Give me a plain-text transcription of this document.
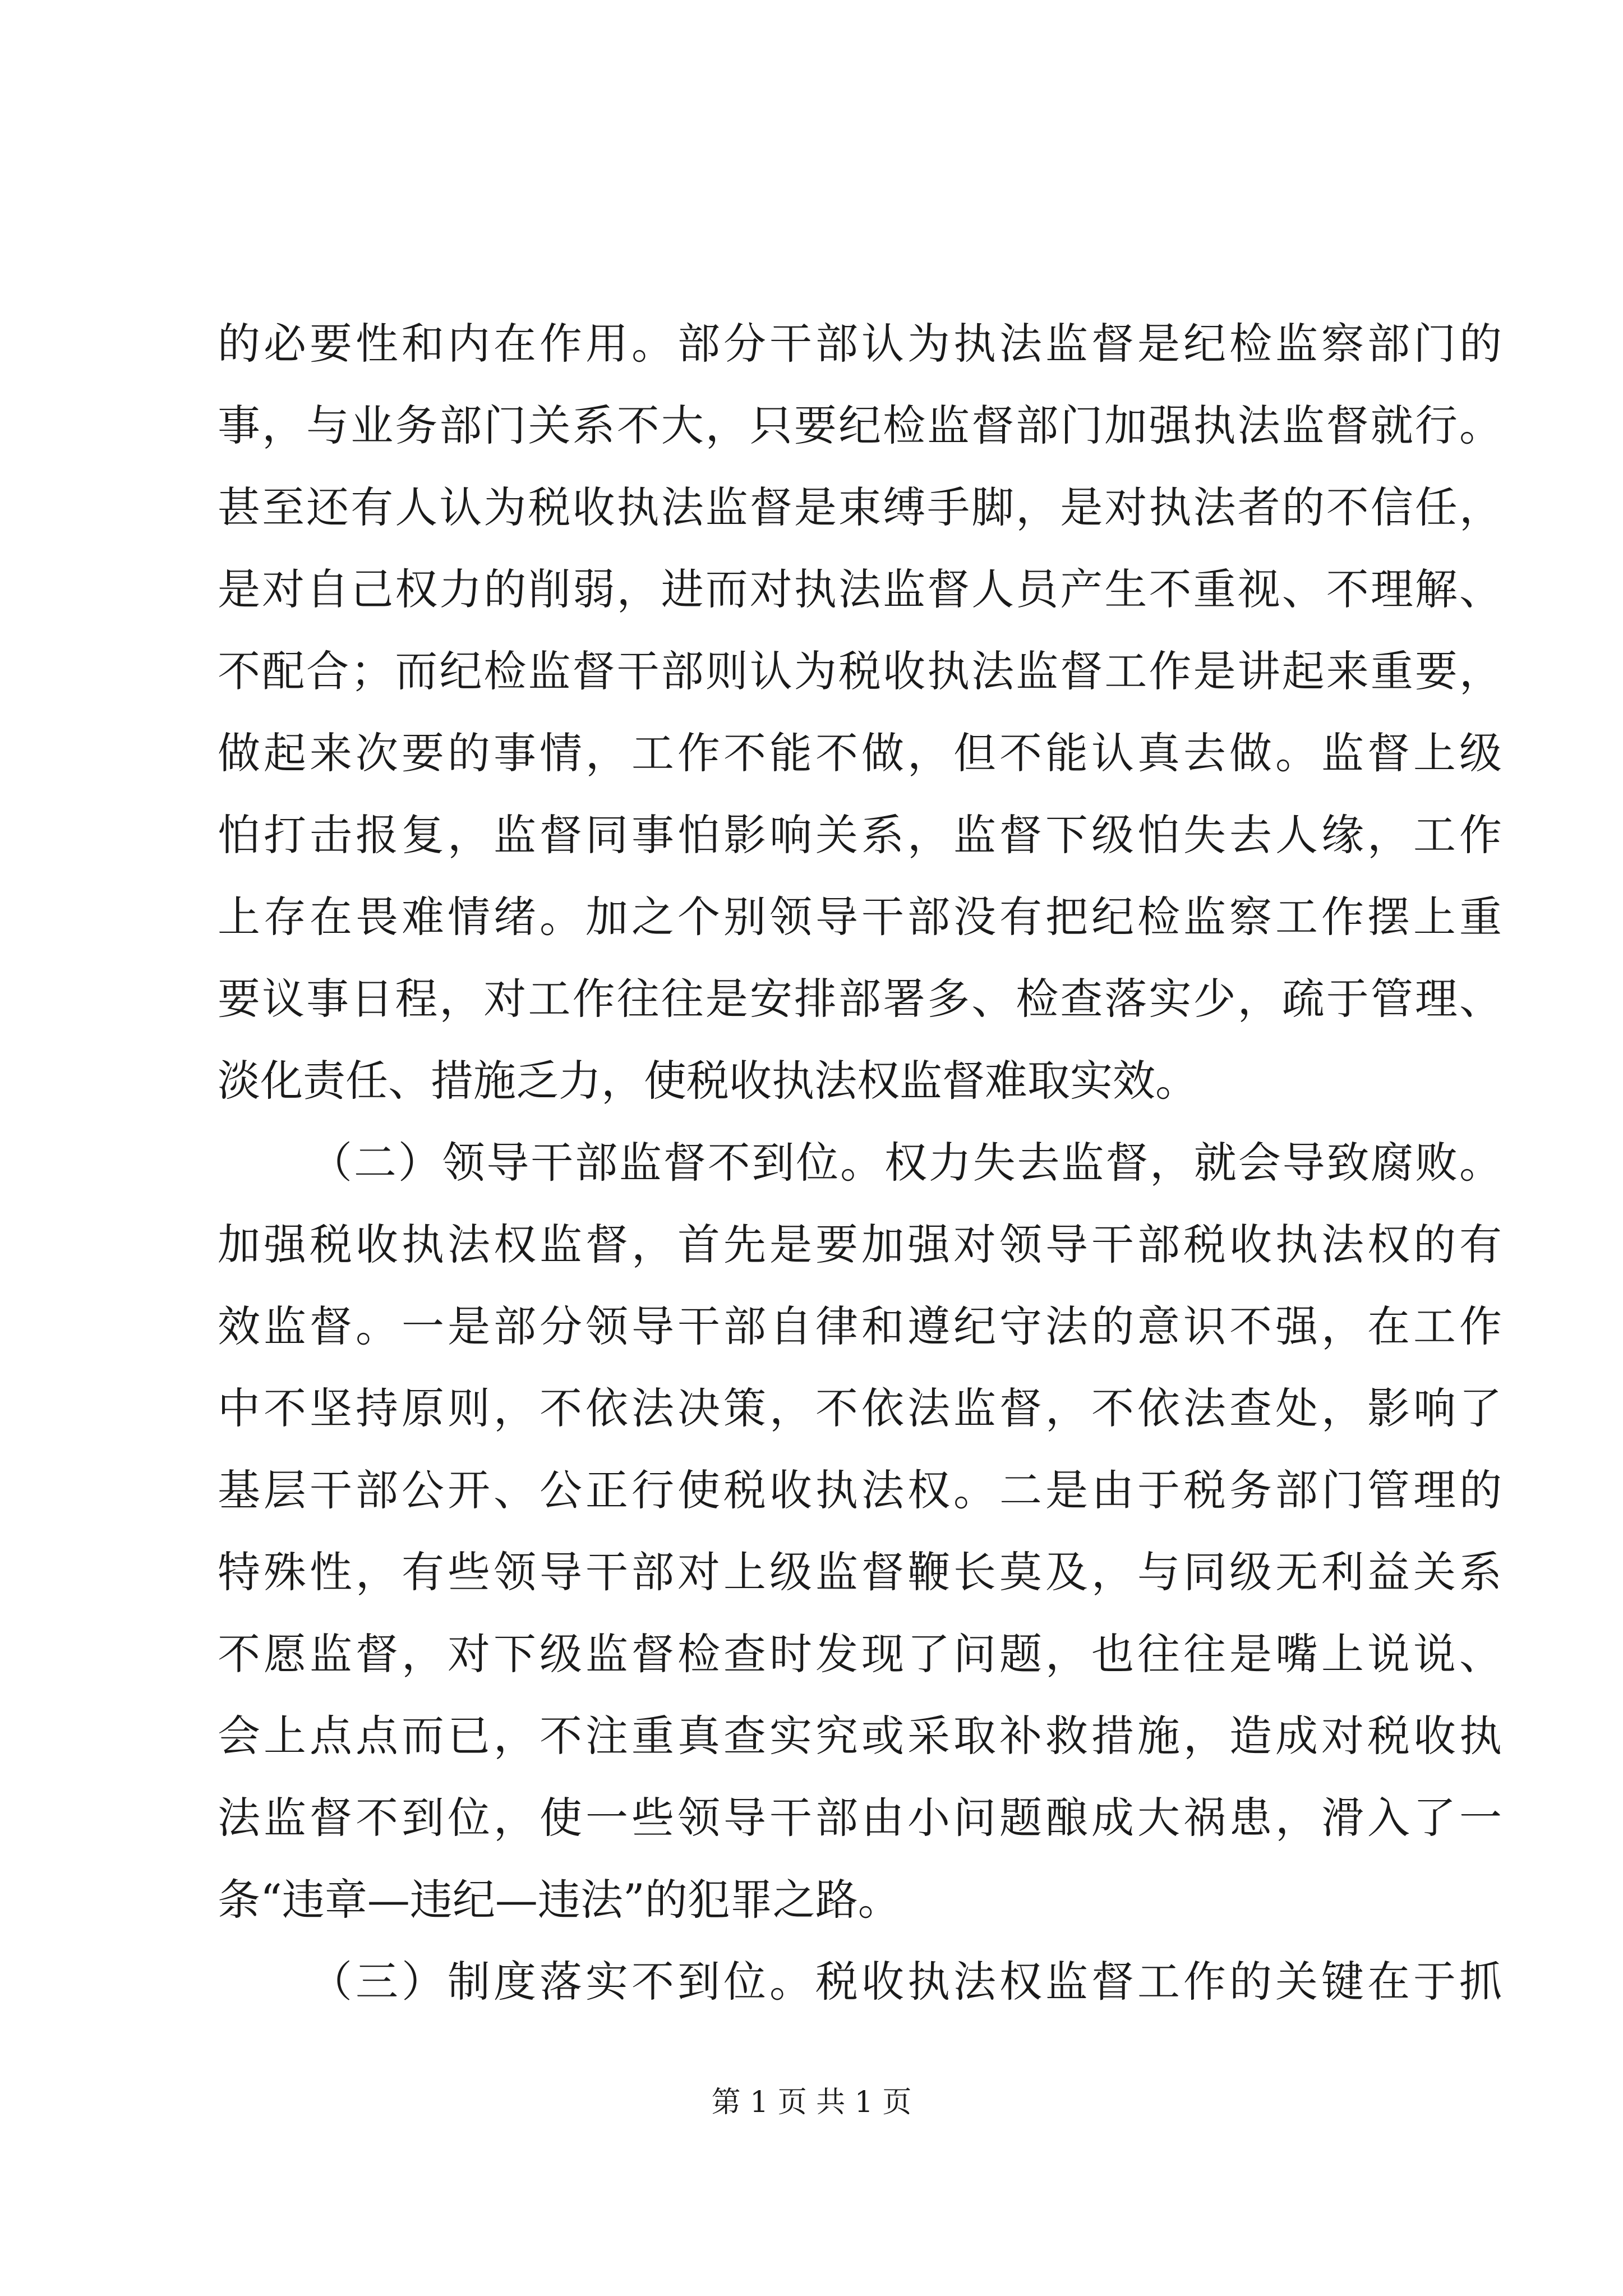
的必要性和内在作用。部分干部认为执法监督是纪检监察部门的
事，与业务部门关系不大，只要纪检监督部门加强执法监督就行。
甚至还有人认为税收执法监督是束缚手脚，是对执法者的不信任，
是对自己权力的削弱，进而对执法监督人员产生不重视、不理解、
不配合；而纪检监督干部则认为税收执法监督工作是讲起来重要，
做起来次要的事情，工作不能不做，但不能认真去做。监督上级
怕打击报复，监督同事怕影响关系，监督下级怕失去人缘，工作
上存在畏难情绪。加之个别领导干部没有把纪检监察工作摆上重
要议事日程，对工作往往是安排部署多、检查落实少，疏于管理、
淡化责任、措施乏力，使税收执法权监督难取实效。
（二）领导干部监督不到位。权力失去监督，就会导致腐败。
加强税收执法权监督，首先是要加强对领导干部税收执法权的有
效监督。一是部分领导干部自律和遵纪守法的意识不强，在工作
中不坚持原则，不依法决策，不依法监督，不依法查处，影响了
基层干部公开、公正行使税收执法权。二是由于税务部门管理的
特殊性，有些领导干部对上级监督鞭长莫及，与同级无利益关系
不愿监督，对下级监督检查时发现了问题，也往往是嘴上说说、
会上点点而已，不注重真查实究或采取补救措施，造成对税收执
法监督不到位，使一些领导干部由小问题酿成大祸患，滑入了一
条“违章—违纪—违法”的犯罪之路。
（三）制度落实不到位。税收执法权监督工作的关键在于抓
第 1 页 共 1 页
